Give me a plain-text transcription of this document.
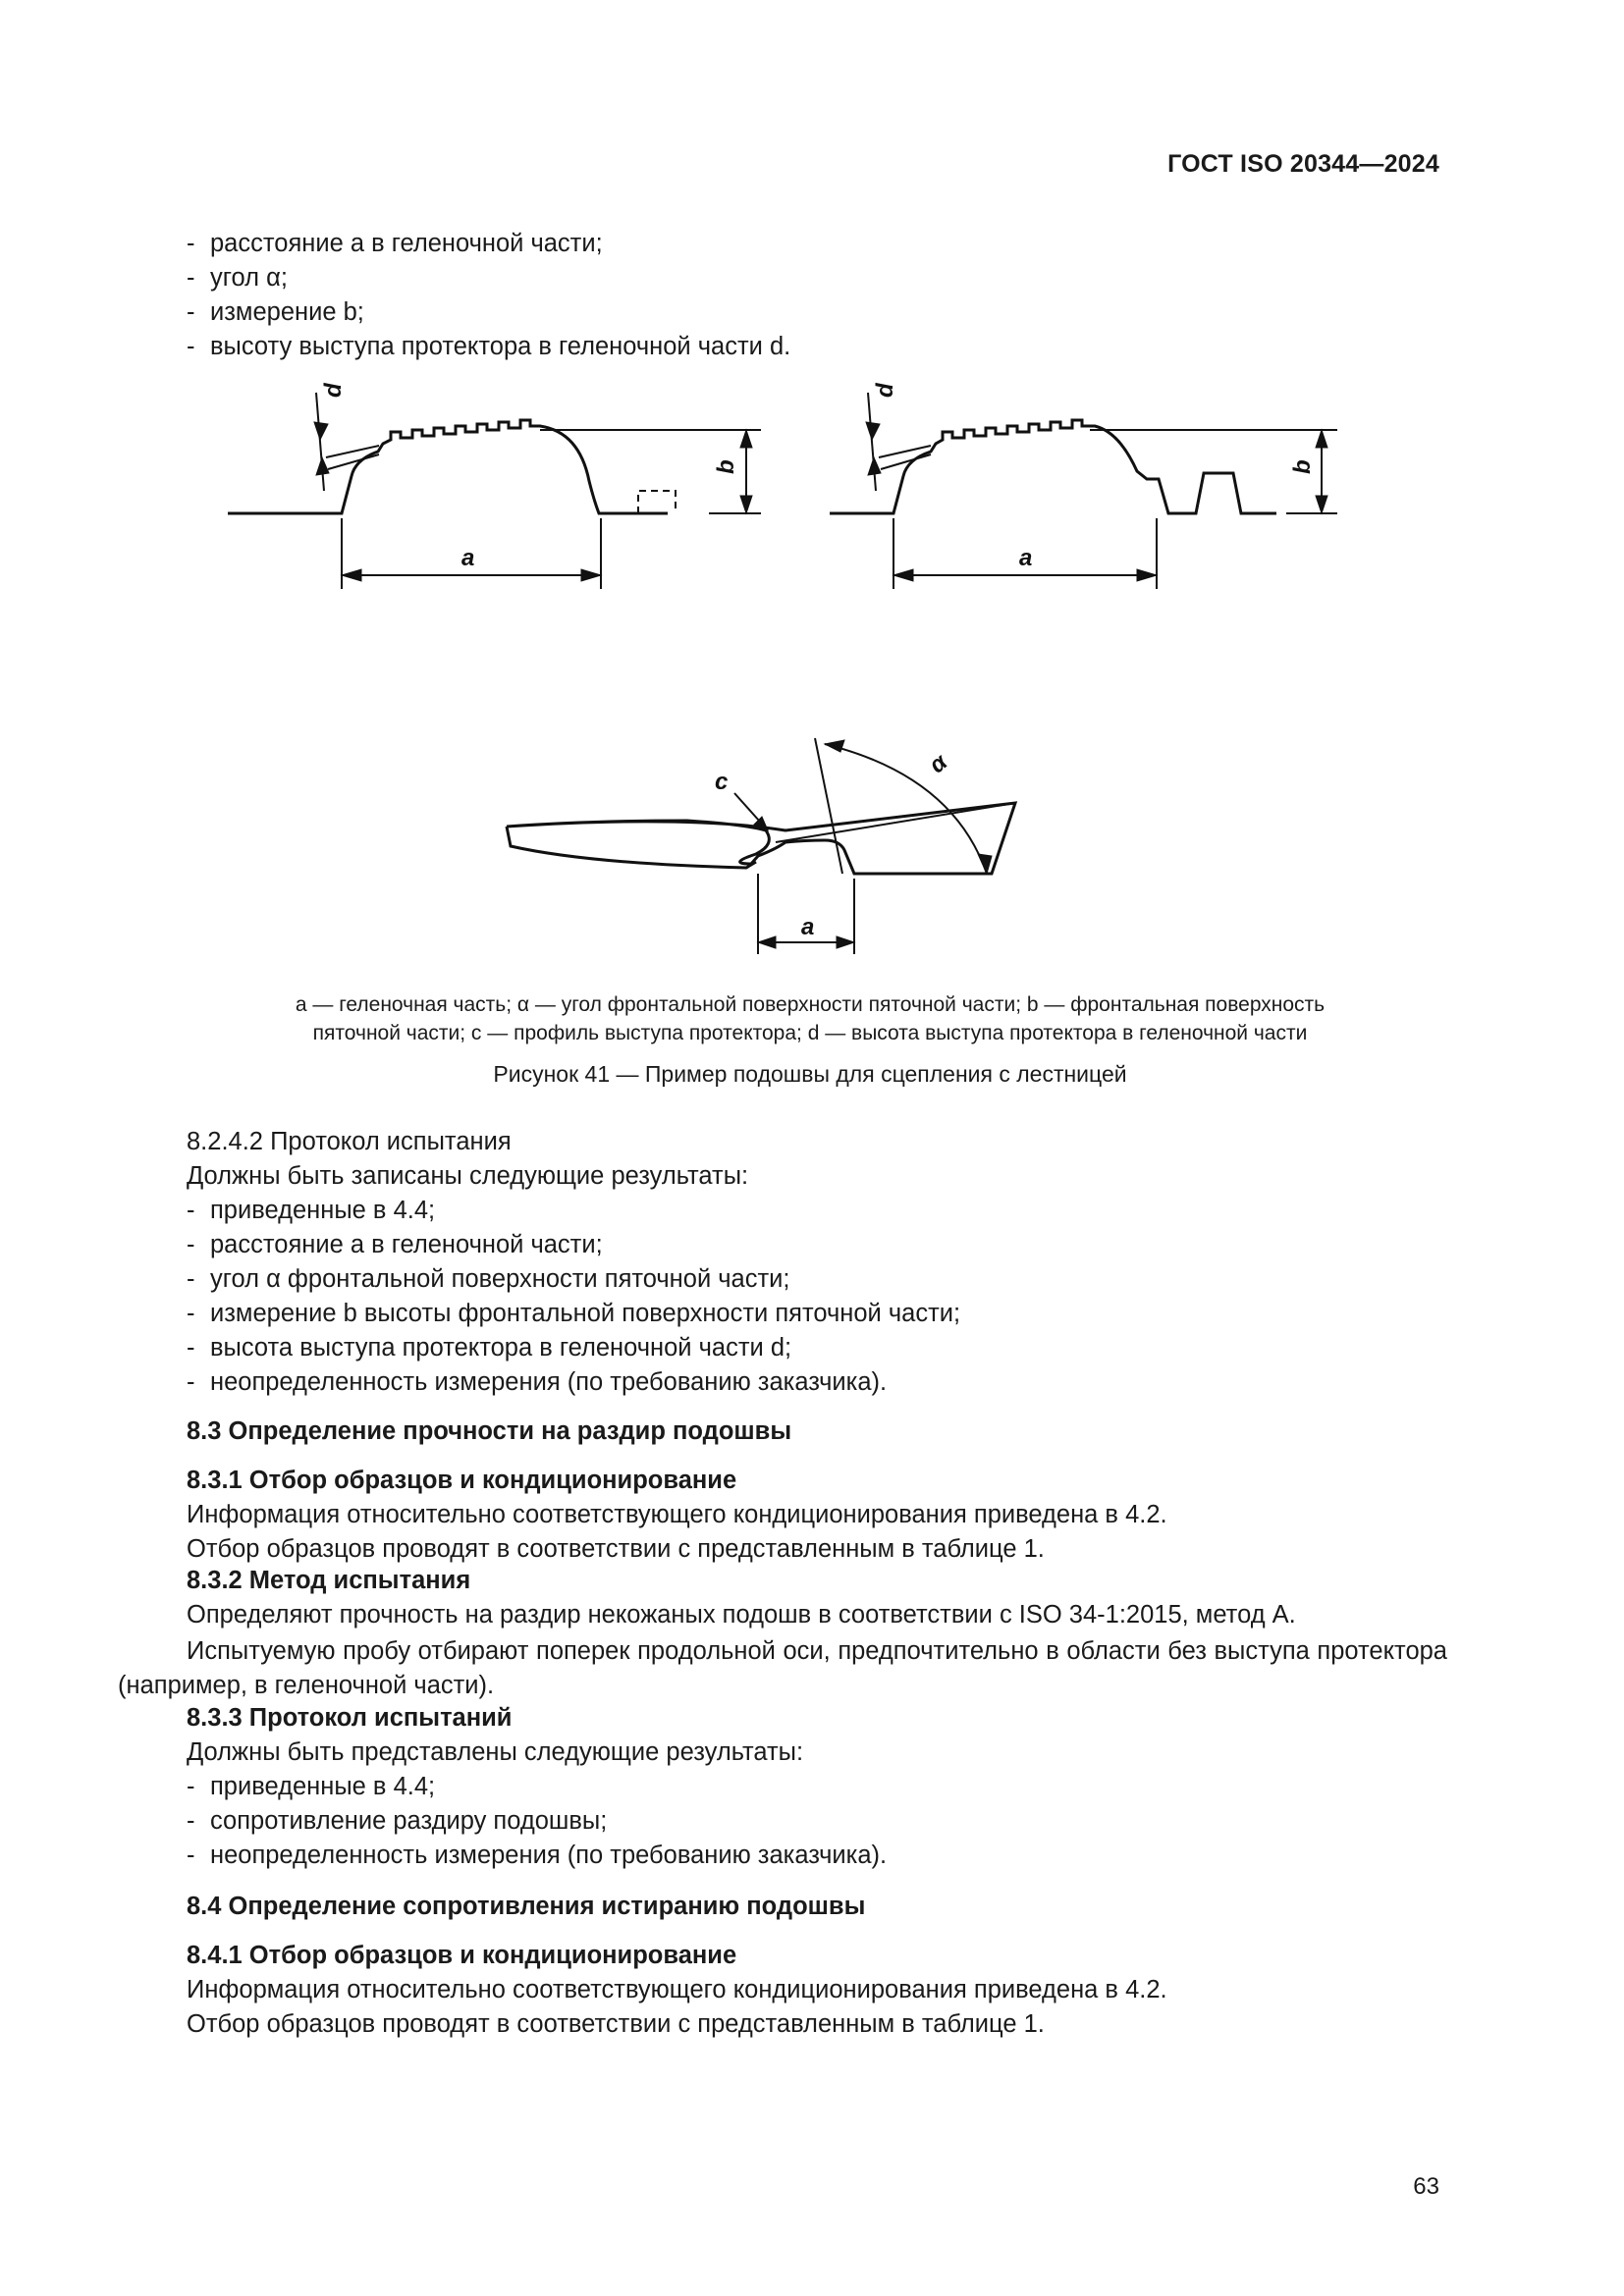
ГОСТ ISO 20344—2024
- расстояние a в геленочной части;
- угол α;
- измерение b;
- высоту выступа протектора в геленочной части d.
d
b
a
d
b
a
c
α
a
a — геленочная часть; α — угол фронтальной поверхности пяточной части; b — фронтальная поверхность
пяточной части; c — профиль выступа протектора; d — высота выступа протектора в геленочной части
Рисунок 41 — Пример подошвы для сцепления с лестницей
8.2.4.2 Протокол испытания
Должны быть записаны следующие результаты:
- приведенные в 4.4;
- расстояние a в геленочной части;
- угол α фронтальной поверхности пяточной части;
- измерение b высоты фронтальной поверхности пяточной части;
- высота выступа протектора в геленочной части d;
- неопределенность измерения (по требованию заказчика).
8.3 Определение прочности на раздир подошвы
8.3.1 Отбор образцов и кондиционирование
Информация относительно соответствующего кондиционирования приведена в 4.2.
Отбор образцов проводят в соответствии с представленным в таблице 1.
8.3.2 Метод испытания
Определяют прочность на раздир некожаных подошв в соответствии с ISO 34-1:2015, метод А.
Испытуемую пробу отбирают поперек продольной оси, предпочтительно в области без выступа протектора (например, в геленочной части).
8.3.3 Протокол испытаний
Должны быть представлены следующие результаты:
- приведенные в 4.4;
- сопротивление раздиру подошвы;
- неопределенность измерения (по требованию заказчика).
8.4 Определение сопротивления истиранию подошвы
8.4.1 Отбор образцов и кондиционирование
Информация относительно соответствующего кондиционирования приведена в 4.2.
Отбор образцов проводят в соответствии с представленным в таблице 1.
63
